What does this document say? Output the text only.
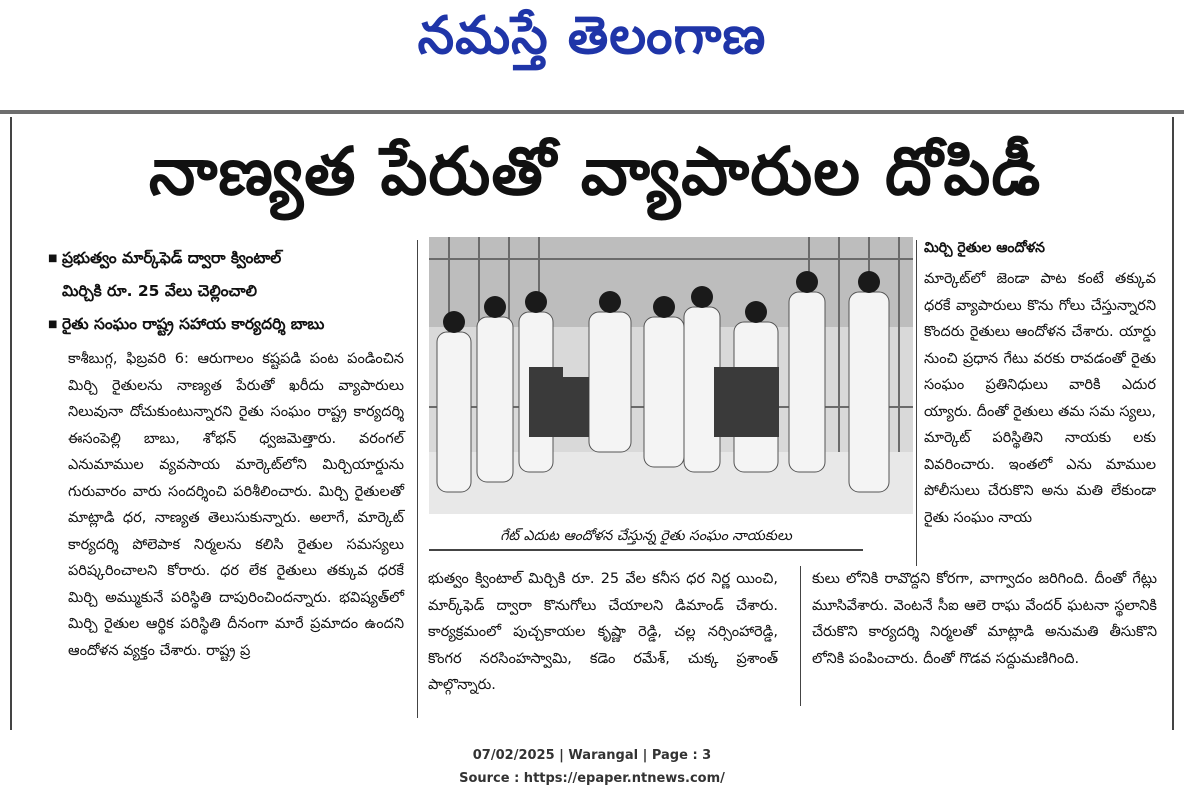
నమస్తే తెలంగాణ
నాణ్యత పేరుతో వ్యాపారుల దోపిడీ
■ ప్రభుత్వం మార్క్‌ఫెడ్ ద్వారా క్వింటాల్
మిర్చికి రూ. 25 వేలు చెల్లించాలి
■ రైతు సంఘం రాష్ట్ర సహాయ కార్యదర్శి బాబు

కాశీబుగ్గ, ఫిబ్రవరి 6: ఆరుగాలం కష్టపడి పంట పండించిన మిర్చి రైతులను నాణ్యత పేరుతో ఖరీదు వ్యాపారులు నిలువునా దోచుకుంటున్నారని రైతు సంఘం రాష్ట్ర కార్యదర్శి ఈసంపెల్లి బాబు, శోభన్ ధ్వజమెత్తారు. వరంగల్ ఎనుమాముల వ్యవసాయ మార్కెట్‌లోని మిర్చియార్డును గురువారం వారు సందర్శించి పరిశీలించారు. మిర్చి రైతులతో మాట్లాడి ధర, నాణ్యత తెలుసుకున్నారు. అలాగే, మార్కెట్ కార్యదర్శి పోలెపాక నిర్మలను కలిసి రైతుల సమస్యలు పరిష్కరించాలని కోరారు. ధర లేక రైతులు తక్కువ ధరకే మిర్చి అమ్ముకునే పరిస్థితి దాపురించిందన్నారు. భవిష్యత్‌లో మిర్చి రైతుల ఆర్థిక పరిస్థితి దీనంగా మారే ప్రమాదం ఉందని ఆందోళన వ్యక్తం చేశారు. రాష్ట్ర ప్ర

గేట్ ఎదుట ఆందోళన చేస్తున్న రైతు సంఘం నాయకులు

భుత్వం క్వింటాల్ మిర్చికి రూ. 25 వేల కనీస ధర నిర్ణ యించి, మార్క్‌ఫెడ్ ద్వారా కొనుగోలు చేయాలని డిమాండ్ చేశారు. కార్యక్రమంలో పుచ్చకాయల కృష్ణా రెడ్డి, చల్ల నర్సింహారెడ్డి, కొంగర నరసింహస్వామి, కడెం రమేశ్, చుక్క ప్రశాంత్ పాల్గొన్నారు.

మిర్చి రైతుల ఆందోళన

మార్కెట్‌లో జెండా పాట కంటే తక్కువ ధరకే వ్యాపారులు కొను గోలు చేస్తున్నారని కొందరు రైతులు ఆందోళన చేశారు. యార్డు నుంచి ప్రధాన గేటు వరకు రావడంతో రైతు సంఘం ప్రతినిధులు వారికి ఎదుర య్యారు. దీంతో రైతులు తమ సమ స్యలు, మార్కెట్ పరిస్థితిని నాయకు లకు వివరించారు. ఇంతలో ఎను మాముల పోలీసులు చేరుకొని అను మతి లేకుండా రైతు సంఘం నాయ

కులు లోనికి రావొద్దని కోరగా, వాగ్వాదం జరిగింది. దీంతో గేట్లు మూసివేశారు. వెంటనే సీఐ ఆలె రాఘ వేందర్ ఘటనా స్థలానికి చేరుకొని కార్యదర్శి నిర్మలతో మాట్లాడి అనుమతి తీసుకొని లోనికి పంపించారు. దీంతో గొడవ సద్దుమణిగింది.

07/02/2025 | Warangal | Page : 3
Source : https://epaper.ntnews.com/
